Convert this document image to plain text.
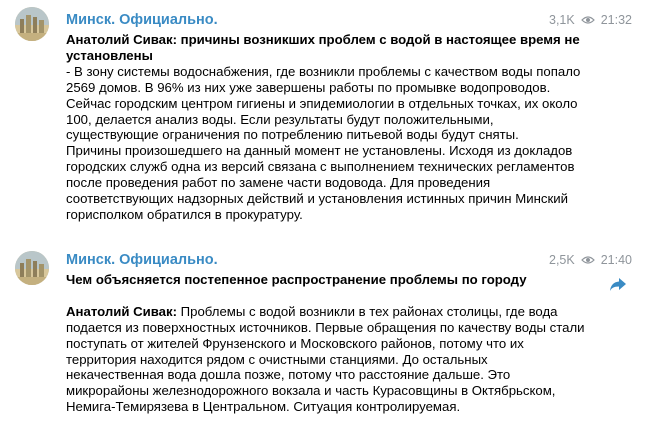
Минск. Официально.	3,1K 21:32
Анатолий Сивак: причины возникших проблем с водой в настоящее время не установлены
- В зону системы водоснабжения, где возникли проблемы с качеством воды попало 2569 домов. В 96% из них уже завершены работы по промывке водопроводов. Сейчас городским центром гигиены и эпидемиологии в отдельных точках, их около 100, делается анализ воды. Если результаты будут положительными, существующие ограничения по потреблению питьевой воды будут сняты.
Причины произошедшего на данный момент не установлены. Исходя из докладов городских служб одна из версий связана с выполнением технических регламентов после проведения работ по замене части водовода. Для проведения соответствующих надзорных действий и установления истинных причин Минский горисполком обратился в прокуратуру.
Минск. Официально.	2,5K 21:40
Чем объясняется постепенное распространение проблемы по городу

Анатолий Сивак: Проблемы с водой возникли в тех районах столицы, где вода подается из поверхностных источников. Первые обращения по качеству воды стали поступать от жителей Фрунзенского и Московского районов, потому что их территория находится рядом с очистными станциями. До остальных некачественная вода дошла позже, потому что расстояние дальше. Это микрорайоны железнодорожного вокзала и часть Курасовщины в Октябрьском, Немига-Темирязева в Центральном. Ситуация контролируемая.
